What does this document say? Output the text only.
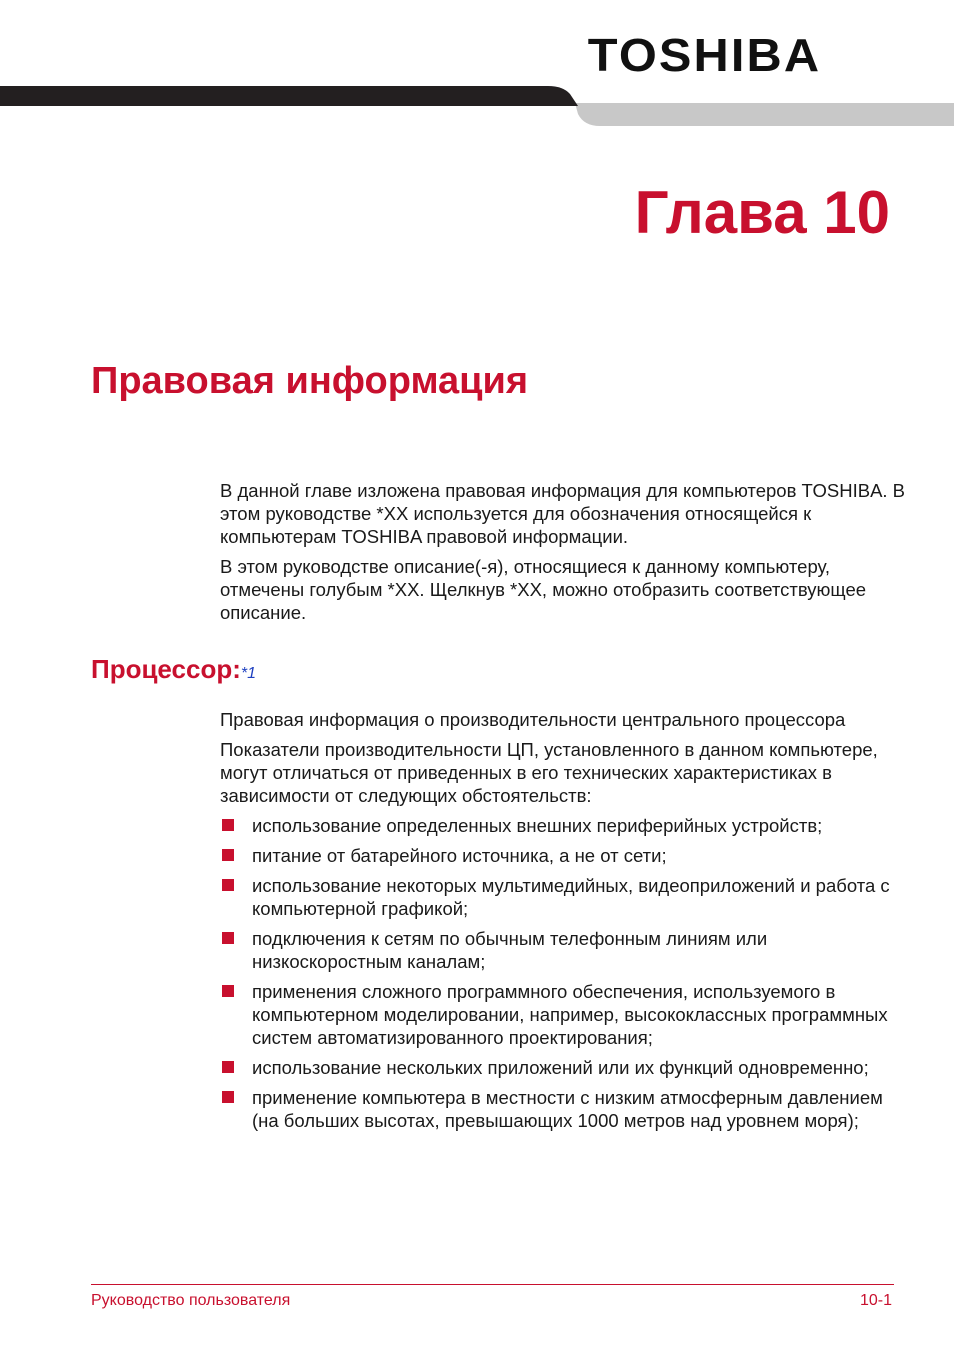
TOSHIBA
Глава 10
Правовая информация

В данной главе изложена правовая информация для компьютеров TOSHIBA. В этом руководстве *XX используется для обозначения относящейся к компьютерам TOSHIBA правовой информации.

В этом руководстве описание(-я), относящиеся к данному компьютеру, отмечены голубым *XX. Щелкнув *XX, можно отобразить соответствующее описание.

Процессор:*1

Правовая информация о производительности центрального процессора

Показатели производительности ЦП, установленного в данном компьютере, могут отличаться от приведенных в его технических характеристиках в зависимости от следующих обстоятельств:

использование определенных внешних периферийных устройств;
питание от батарейного источника, а не от сети;
использование некоторых мультимедийных, видеоприложений и работа с компьютерной графикой;
подключения к сетям по обычным телефонным линиям или низкоскоростным каналам;
применения сложного программного обеспечения, используемого в компьютерном моделировании, например, высококлассных программных систем автоматизированного проектирования;
использование нескольких приложений или их функций одновременно;
применение компьютера в местности с низким атмосферным давлением (на больших высотах, превышающих 1000 метров над уровнем моря);
Руководство пользователя	10-1
